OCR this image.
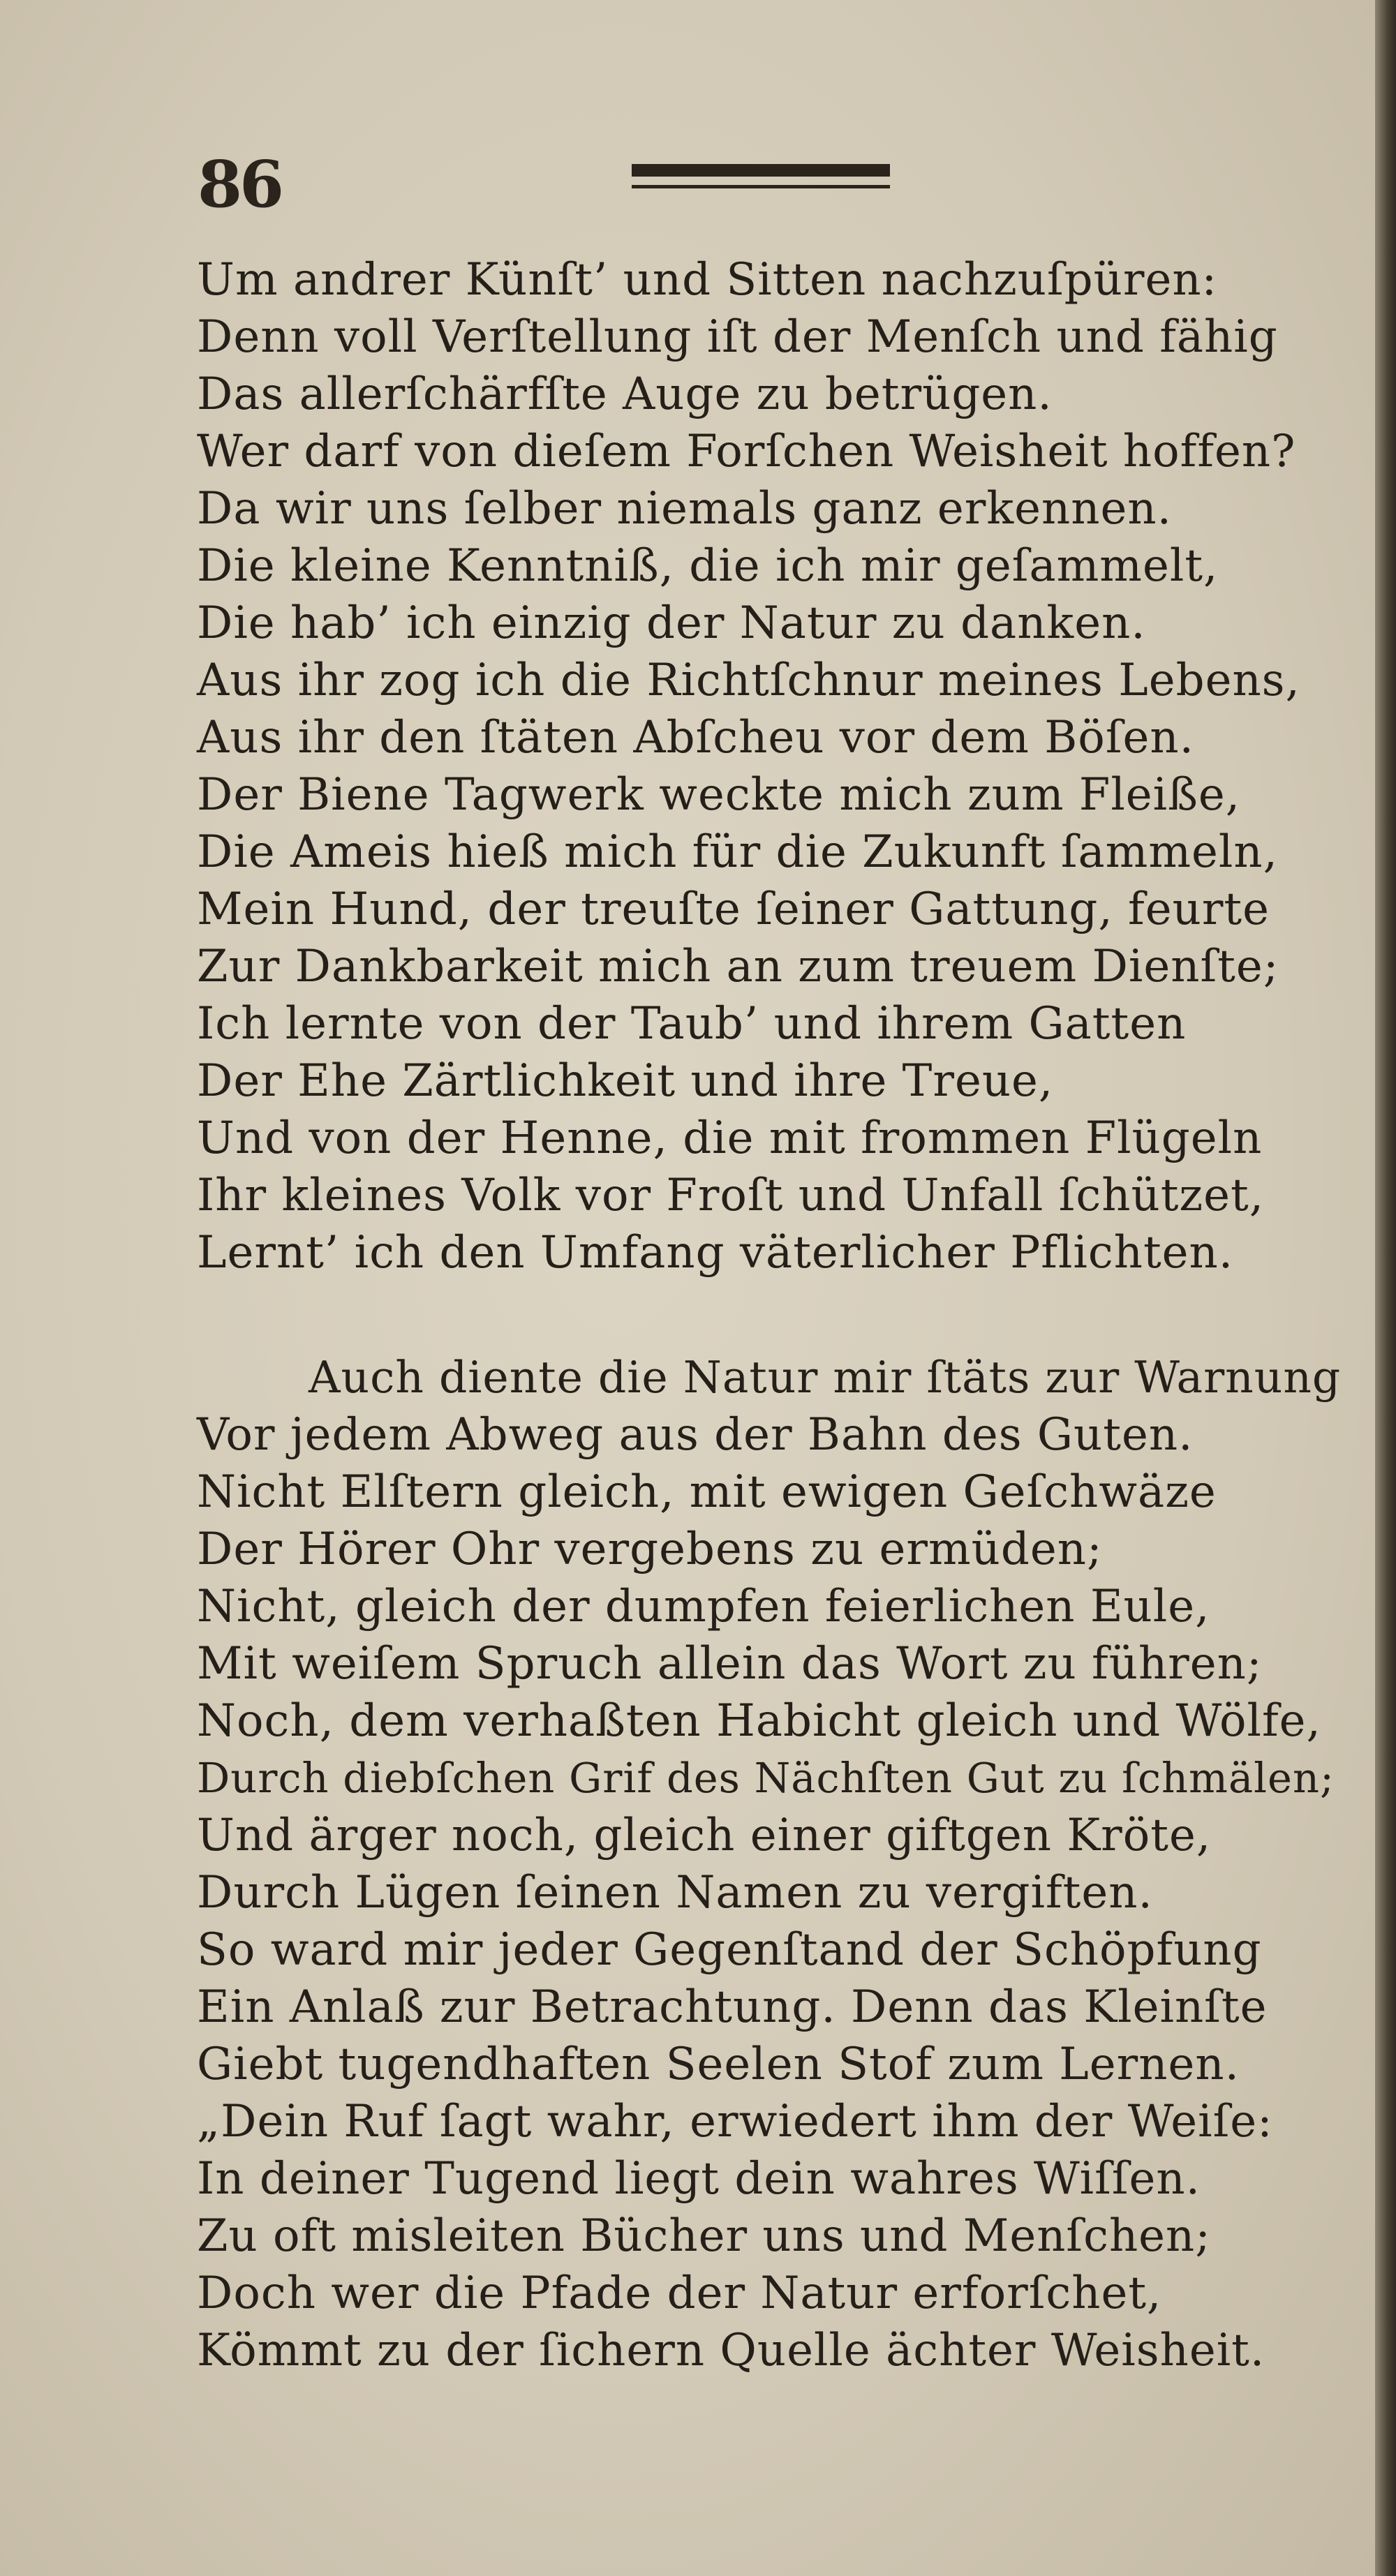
86
Um andrer Künſt’ und Sitten nachzuſpüren:
Denn voll Verſtellung iſt der Menſch und fähig
Das allerſchärfſte Auge zu betrügen.
Wer darf von dieſem Forſchen Weisheit hoffen?
Da wir uns ſelber niemals ganz erkennen.
Die kleine Kenntniß, die ich mir geſammelt,
Die hab’ ich einzig der Natur zu danken.
Aus ihr zog ich die Richtſchnur meines Lebens,
Aus ihr den ſtäten Abſcheu vor dem Böſen.
Der Biene Tagwerk weckte mich zum Fleiße,
Die Ameis hieß mich für die Zukunft ſammeln,
Mein Hund, der treuſte ſeiner Gattung, feurte
Zur Dankbarkeit mich an zum treuem Dienſte;
Ich lernte von der Taub’ und ihrem Gatten
Der Ehe Zärtlichkeit und ihre Treue,
Und von der Henne, die mit frommen Flügeln
Ihr kleines Volk vor Froſt und Unfall ſchützet,
Lernt’ ich den Umfang väterlicher Pflichten.
Auch diente die Natur mir ſtäts zur Warnung
Vor jedem Abweg aus der Bahn des Guten.
Nicht Elſtern gleich, mit ewigen Geſchwäze
Der Hörer Ohr vergebens zu ermüden;
Nicht, gleich der dumpfen feierlichen Eule,
Mit weiſem Spruch allein das Wort zu führen;
Noch, dem verhaßten Habicht gleich und Wölfe,
Durch diebſchen Grif des Nächſten Gut zu ſchmälen;
Und ärger noch, gleich einer giftgen Kröte,
Durch Lügen ſeinen Namen zu vergiften.
So ward mir jeder Gegenſtand der Schöpfung
Ein Anlaß zur Betrachtung. Denn das Kleinſte
Giebt tugendhaften Seelen Stof zum Lernen.
„Dein Ruf ſagt wahr, erwiedert ihm der Weiſe:
In deiner Tugend liegt dein wahres Wiſſen.
Zu oft misleiten Bücher uns und Menſchen;
Doch wer die Pfade der Natur erforſchet,
Kömmt zu der ſichern Quelle ächter Weisheit.
